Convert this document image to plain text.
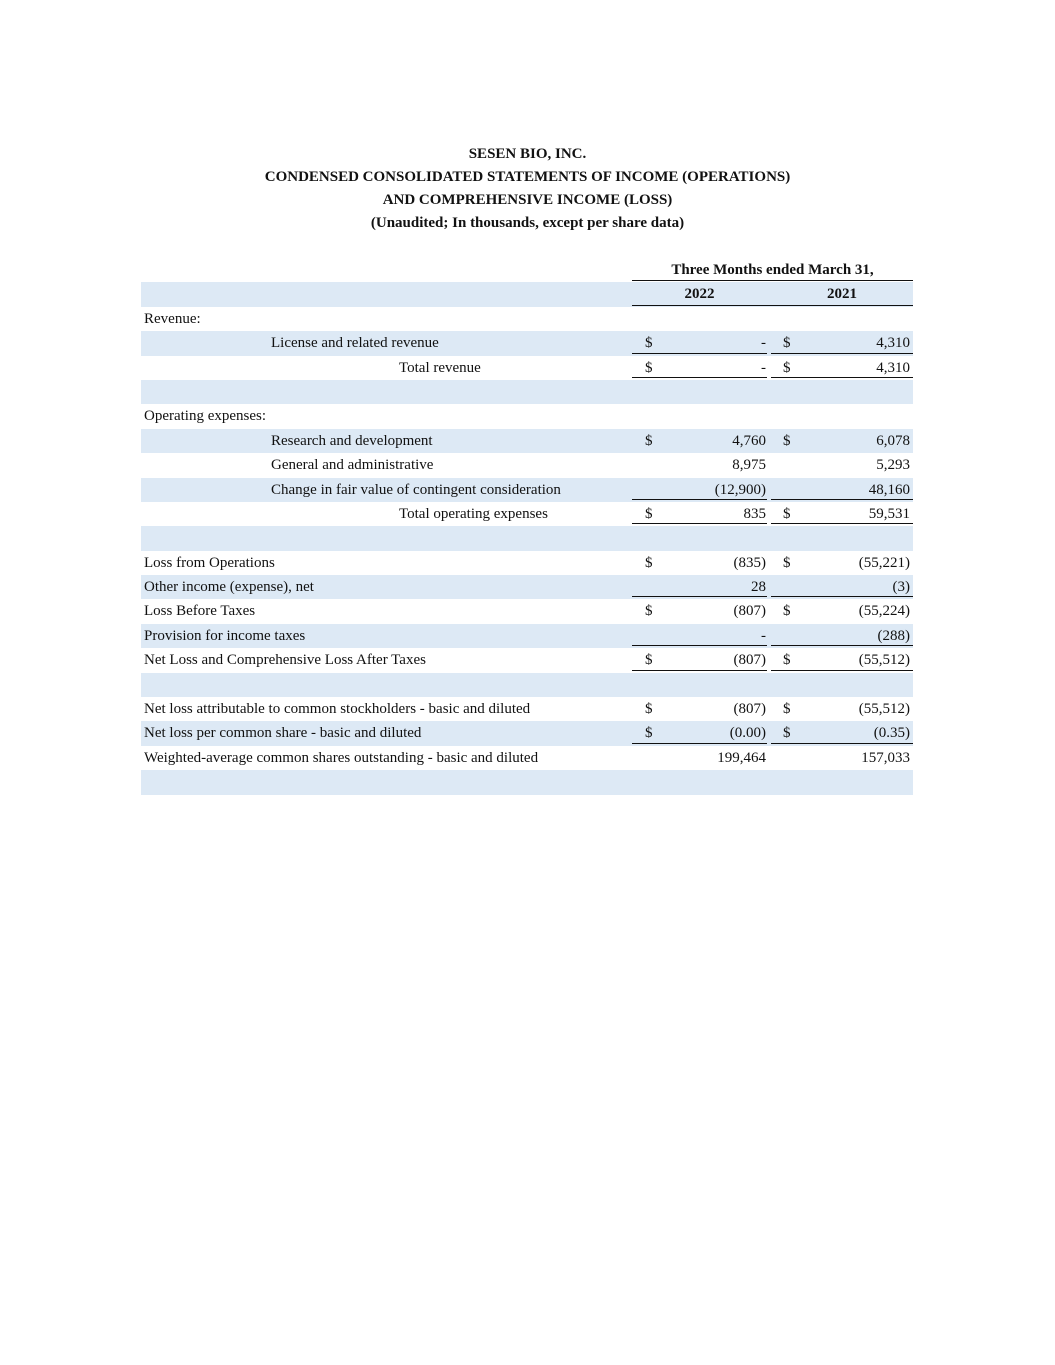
SESEN BIO, INC.
CONDENSED CONSOLIDATED STATEMENTS OF INCOME (OPERATIONS)
AND COMPREHENSIVE INCOME (LOSS)
(Unaudited; In thousands, except per share data)
Three Months ended March 31,
2022	2021
Revenue:
License and related revenue	$	- $	4,310
Total revenue	$	- $	4,310
Operating expenses:
Research and development	$	4,760 $	6,078
General and administrative	8,975	5,293
Change in fair value of contingent consideration	(12,900)	48,160
Total operating expenses	$	835 $	59,531
Loss from Operations	$	(835) $	(55,221)
Other income (expense), net	28	(3)
Loss Before Taxes	$	(807) $	(55,224)
Provision for income taxes	-	(288)
Net Loss and Comprehensive Loss After Taxes	$	(807) $	(55,512)
Net loss attributable to common stockholders - basic and diluted	$	(807) $	(55,512)
Net loss per common share - basic and diluted	$	(0.00) $	(0.35)
Weighted-average common shares outstanding - basic and diluted	199,464	157,033
